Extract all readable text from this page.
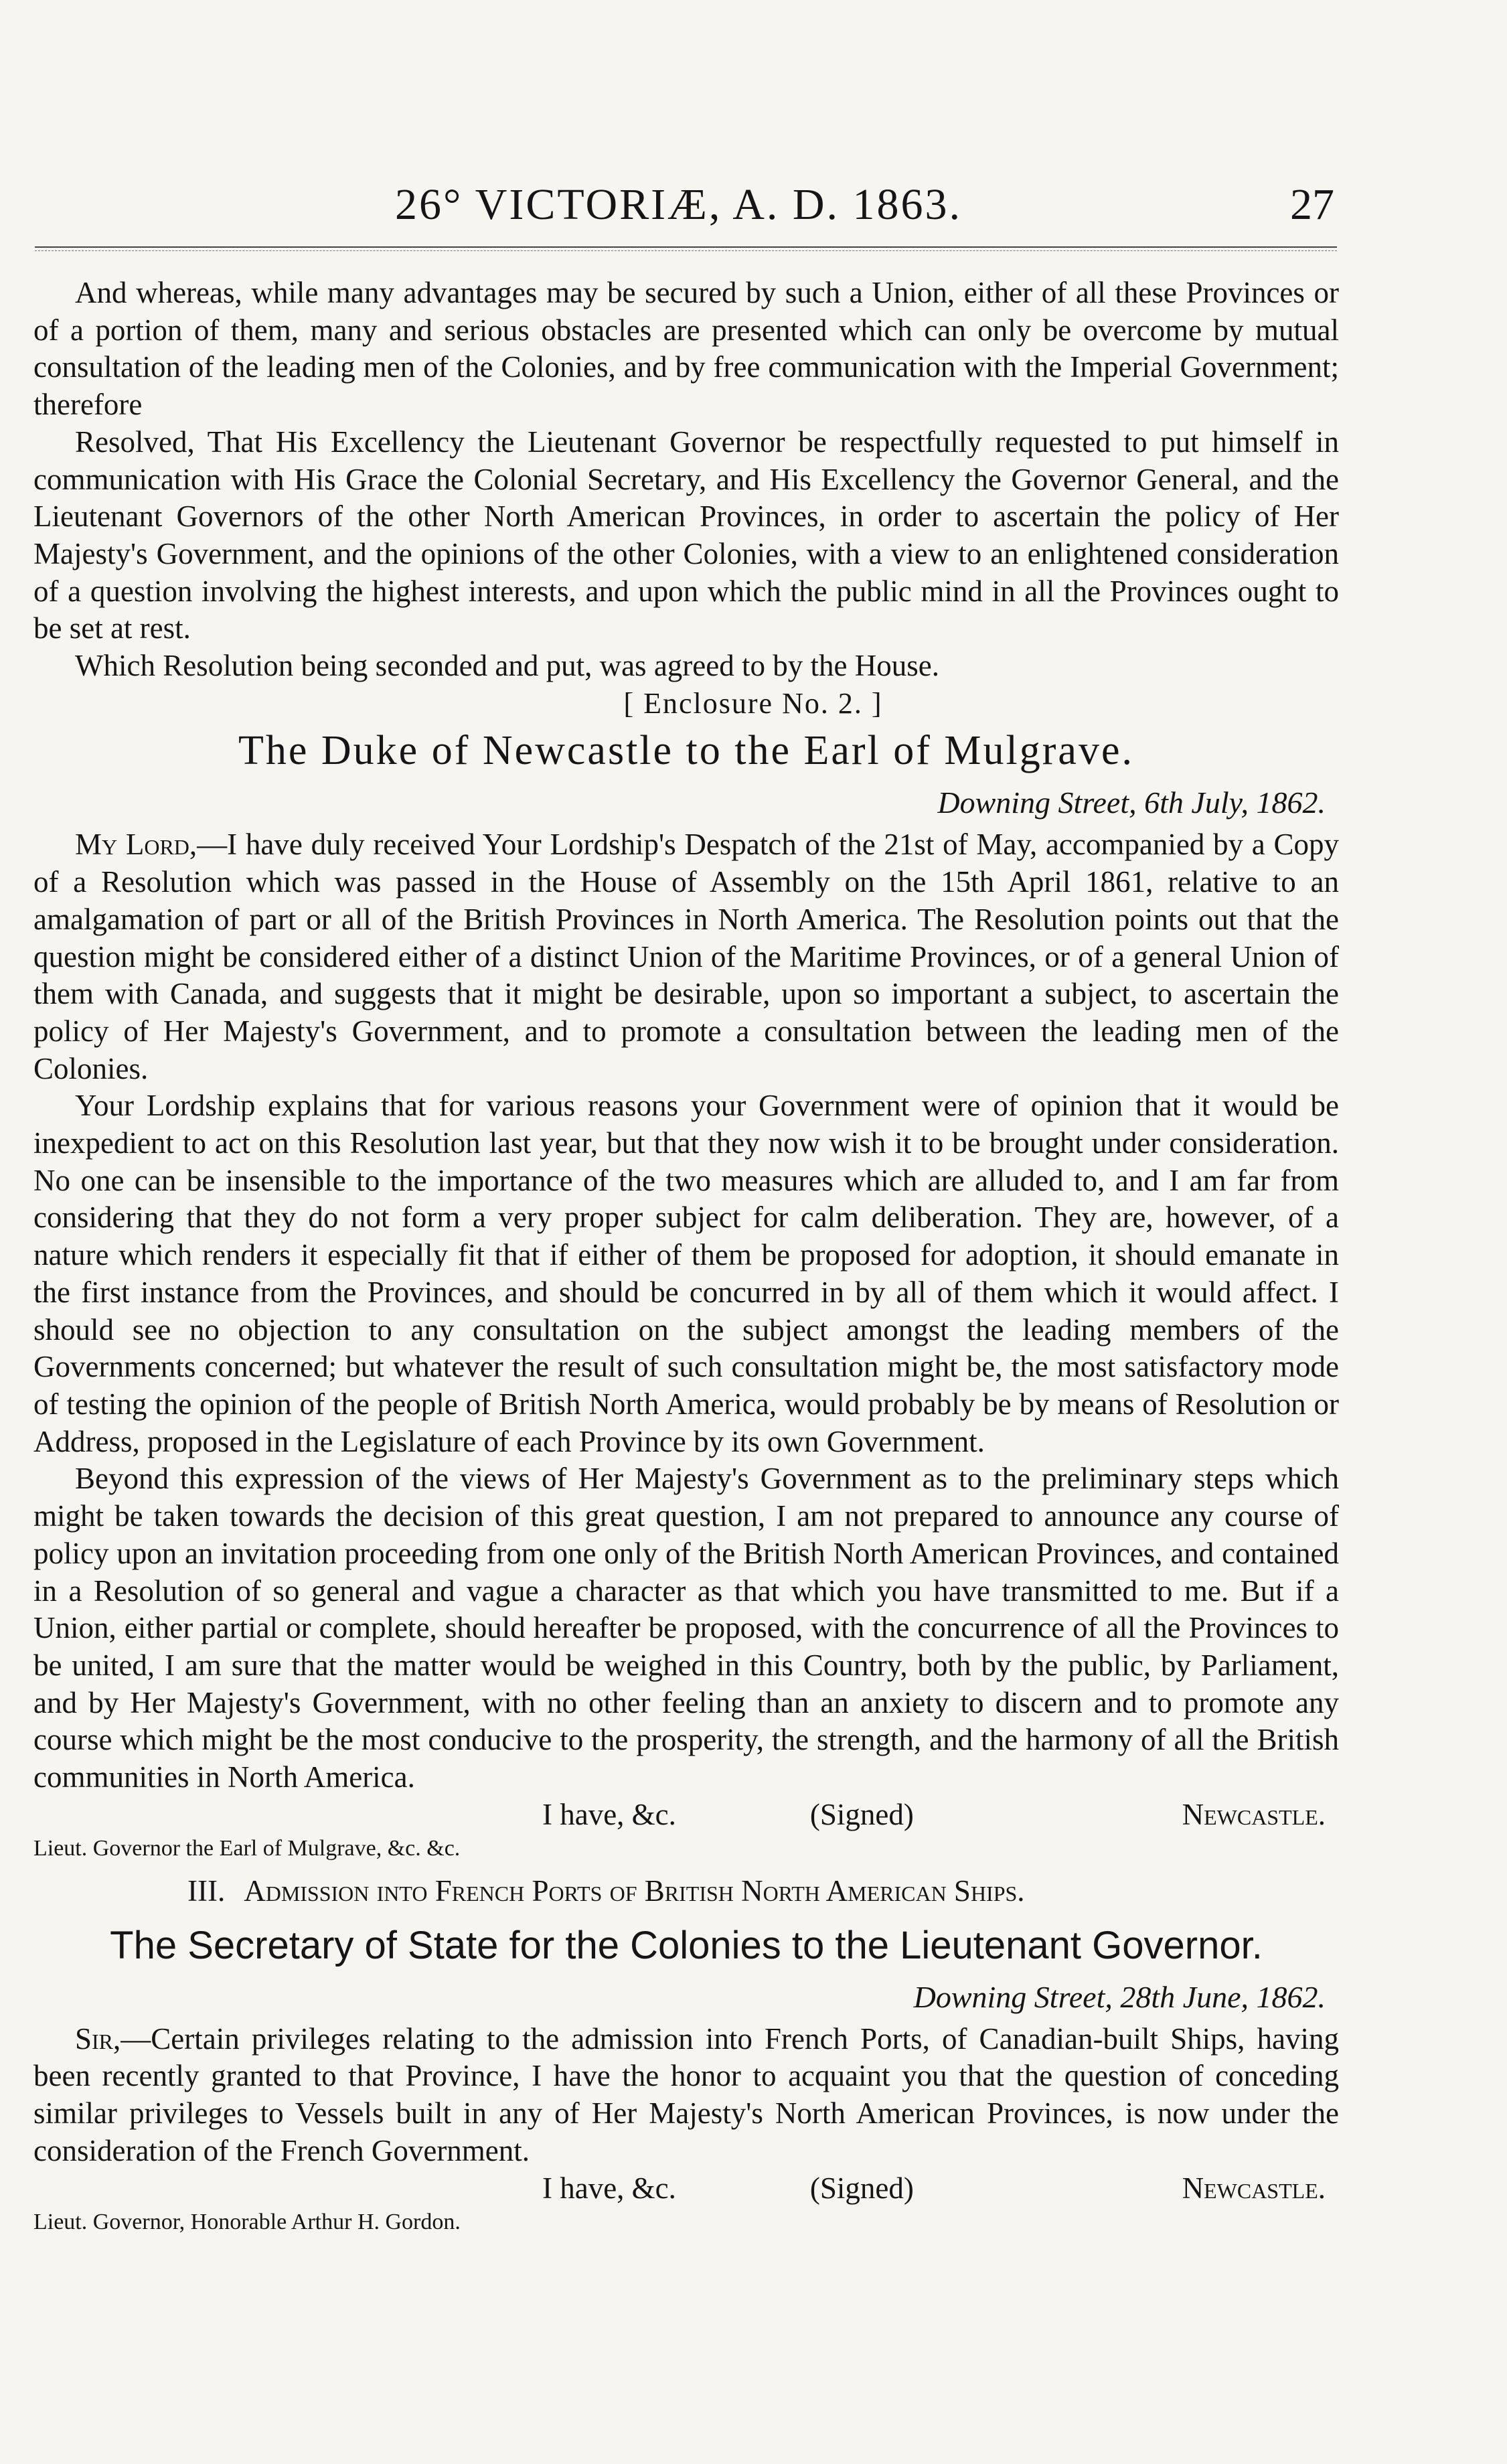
26° VICTORIÆ, A. D. 1863.	27

And whereas, while many advantages may be secured by such a Union, either of all these Provinces or of a portion of them, many and serious obstacles are presented which can only be overcome by mutual consultation of the leading men of the Colonies, and by free communication with the Imperial Government; therefore

Resolved, That His Excellency the Lieutenant Governor be respectfully requested to put himself in communication with His Grace the Colonial Secretary, and His Excellency the Governor General, and the Lieutenant Governors of the other North American Provinces, in order to ascertain the policy of Her Majesty's Government, and the opinions of the other Colonies, with a view to an enlightened consideration of a question involving the highest interests, and upon which the public mind in all the Provinces ought to be set at rest.

Which Resolution being seconded and put, was agreed to by the House.

[ Enclosure No. 2. ]

The Duke of Newcastle to the Earl of Mulgrave.

Downing Street, 6th July, 1862.

My Lord,—I have duly received Your Lordship's Despatch of the 21st of May, accompanied by a Copy of a Resolution which was passed in the House of Assembly on the 15th April 1861, relative to an amalgamation of part or all of the British Provinces in North America. The Resolution points out that the question might be considered either of a distinct Union of the Maritime Provinces, or of a general Union of them with Canada, and suggests that it might be desirable, upon so important a subject, to ascertain the policy of Her Majesty's Government, and to promote a consultation between the leading men of the Colonies.

Your Lordship explains that for various reasons your Government were of opinion that it would be inexpedient to act on this Resolution last year, but that they now wish it to be brought under consideration. No one can be insensible to the importance of the two measures which are alluded to, and I am far from considering that they do not form a very proper subject for calm deliberation. They are, however, of a nature which renders it especially fit that if either of them be proposed for adoption, it should emanate in the first instance from the Provinces, and should be concurred in by all of them which it would affect. I should see no objection to any consultation on the subject amongst the leading members of the Governments concerned; but whatever the result of such consultation might be, the most satisfactory mode of testing the opinion of the people of British North America, would probably be by means of Resolution or Address, proposed in the Legislature of each Province by its own Government.

Beyond this expression of the views of Her Majesty's Government as to the preliminary steps which might be taken towards the decision of this great question, I am not prepared to announce any course of policy upon an invitation proceeding from one only of the British North American Provinces, and contained in a Resolution of so general and vague a character as that which you have transmitted to me. But if a Union, either partial or complete, should hereafter be proposed, with the concurrence of all the Provinces to be united, I am sure that the matter would be weighed in this Country, both by the public, by Parliament, and by Her Majesty's Government, with no other feeling than an anxiety to discern and to promote any course which might be the most conducive to the prosperity, the strength, and the harmony of all the British communities in North America.

I have, &c.	(Signed)	Newcastle.

Lieut. Governor the Earl of Mulgrave, &c. &c.

III. Admission into French Ports of British North American Ships.

The Secretary of State for the Colonies to the Lieutenant Governor.

Downing Street, 28th June, 1862.

Sir,—Certain privileges relating to the admission into French Ports, of Canadian-built Ships, having been recently granted to that Province, I have the honor to acquaint you that the question of conceding similar privileges to Vessels built in any of Her Majesty's North American Provinces, is now under the consideration of the French Government.

I have, &c.	(Signed)	Newcastle.

Lieut. Governor, Honorable Arthur H. Gordon.
